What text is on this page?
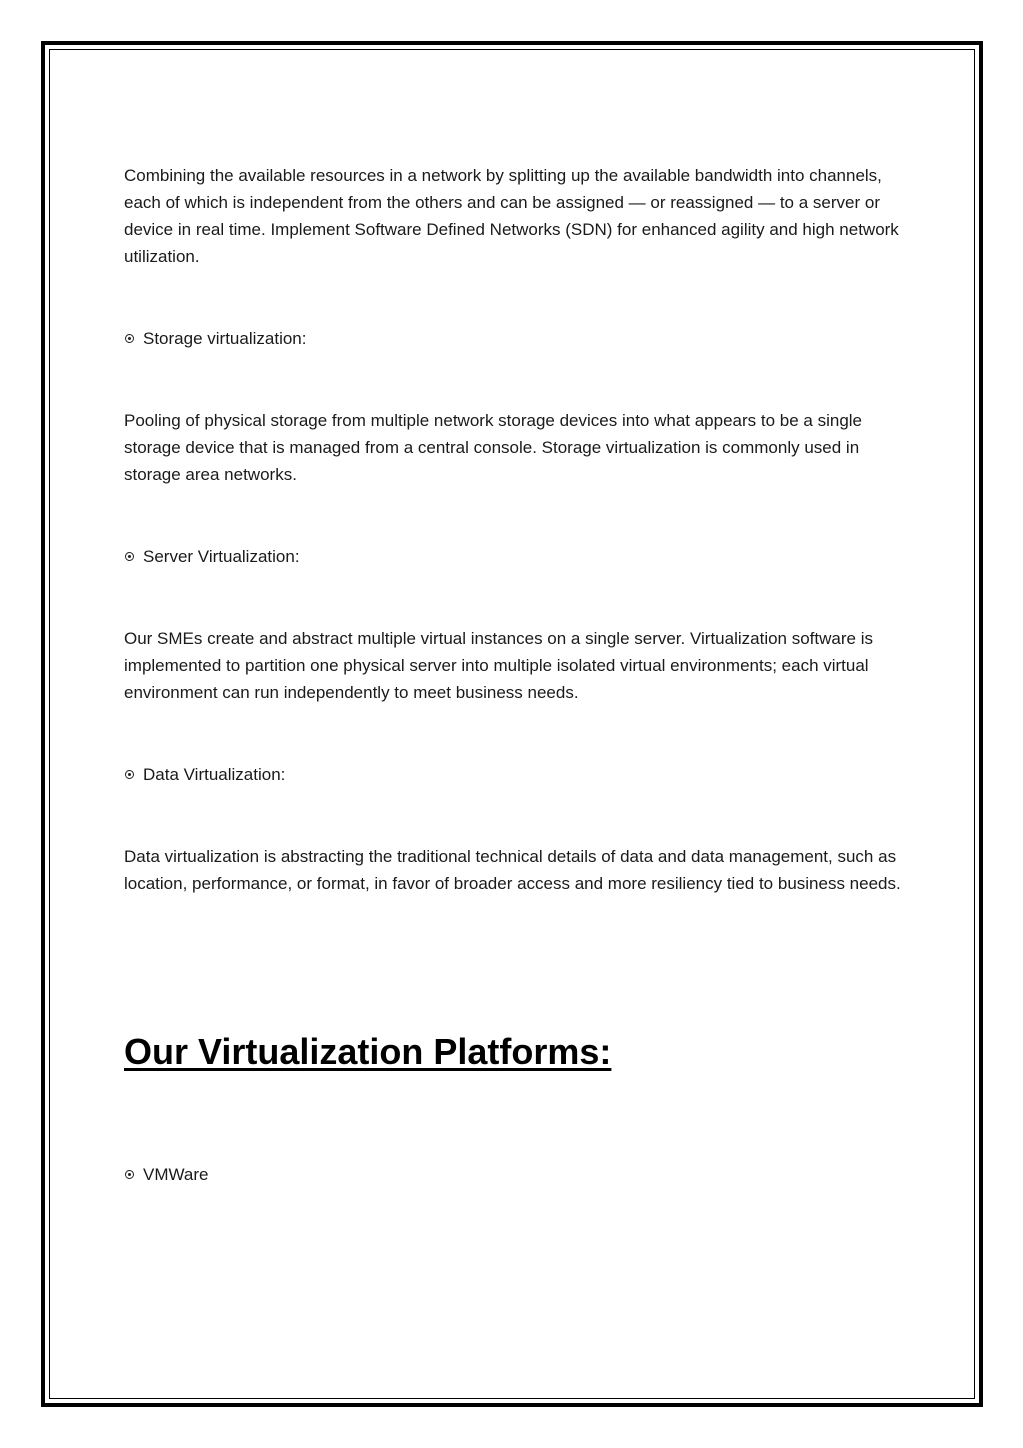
Combining the available resources in a network by splitting up the available bandwidth into channels, each of which is independent from the others and can be assigned — or reassigned — to a server or device in real time. Implement Software Defined Networks (SDN) for enhanced agility and high network utilization.

Storage virtualization:

Pooling of physical storage from multiple network storage devices into what appears to be a single storage device that is managed from a central console. Storage virtualization is commonly used in storage area networks.

Server Virtualization:

Our SMEs create and abstract multiple virtual instances on a single server. Virtualization software is implemented to partition one physical server into multiple isolated virtual environments; each virtual environment can run independently to meet business needs.

Data Virtualization:

Data virtualization is abstracting the traditional technical details of data and data management, such as location, performance, or format, in favor of broader access and more resiliency tied to business needs.

Our Virtualization Platforms:
VMWare
